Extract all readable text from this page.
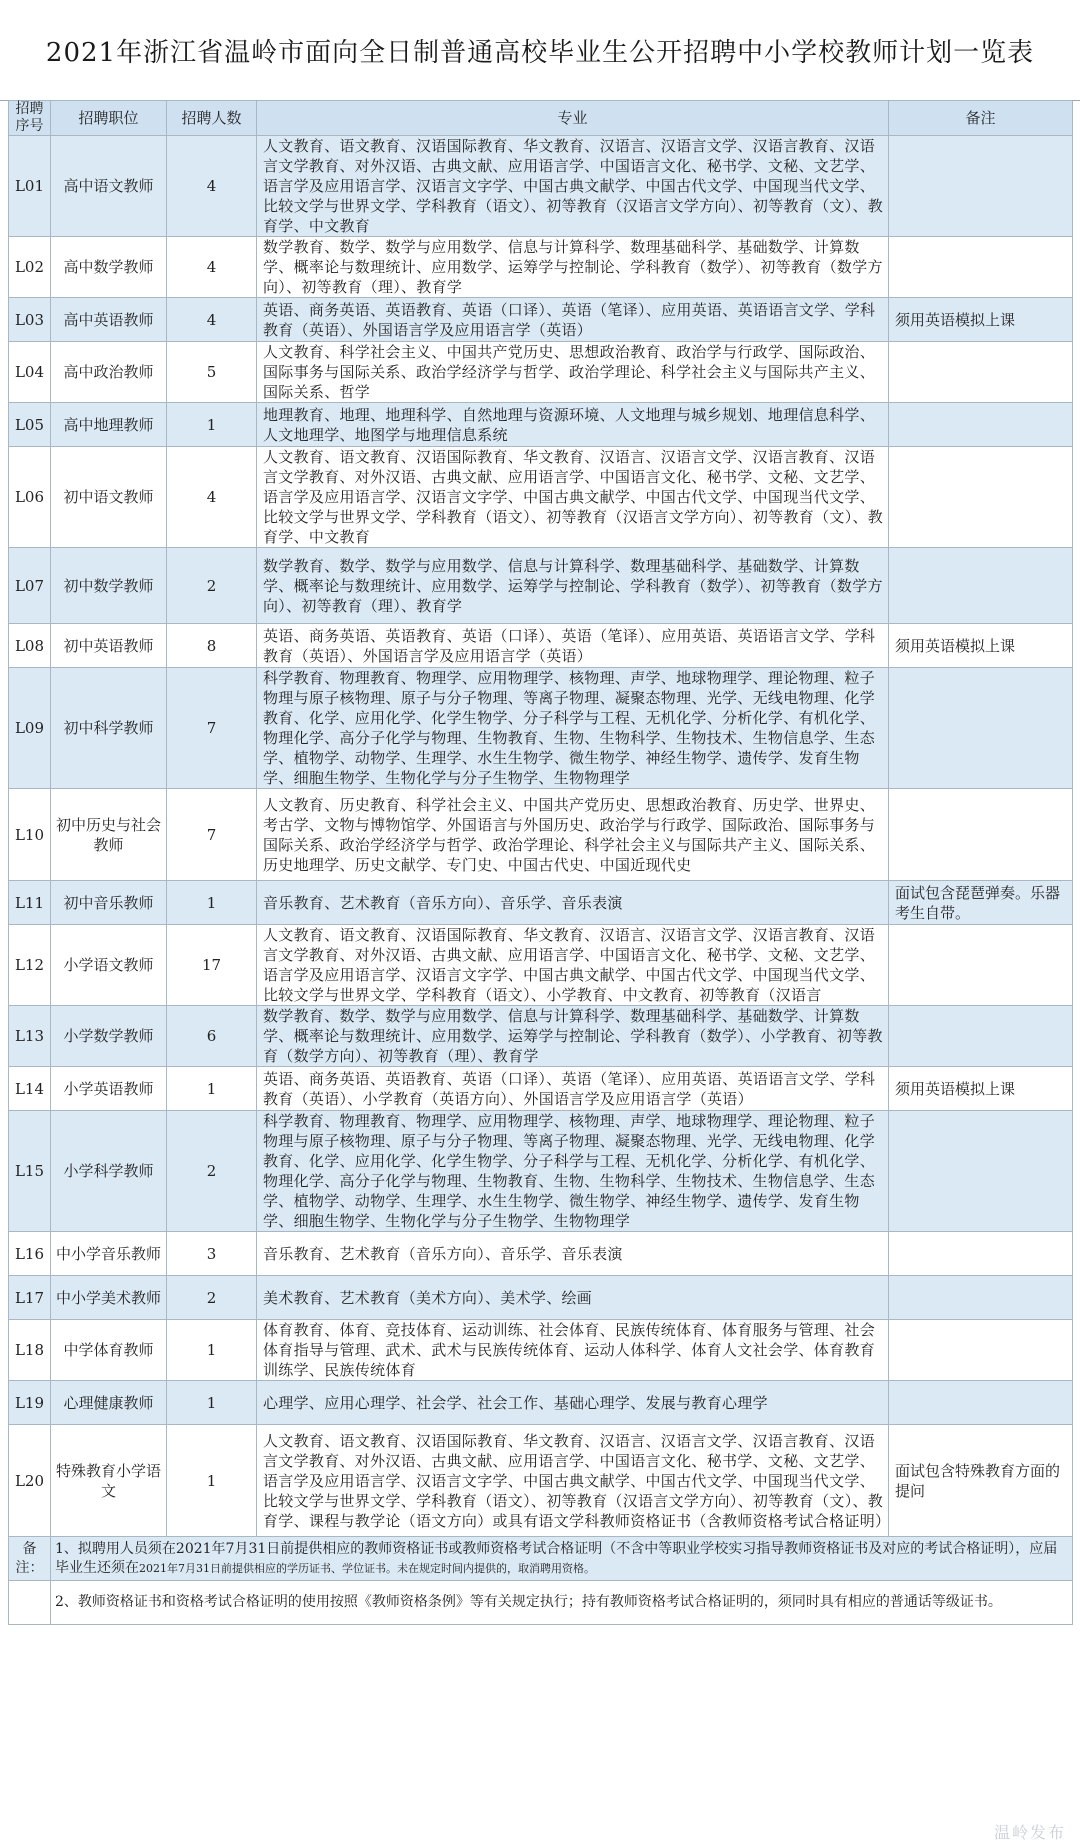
2021年浙江省温岭市面向全日制普通高校毕业生公开招聘中小学校教师计划一览表
招聘
序号	招聘职位	招聘人数	专业	备注
L01	高中语文教师	4	人文教育、语文教育、汉语国际教育、华文教育、汉语言、汉语言文学、汉语言教育、汉语言文学教育、对外汉语、古典文献、应用语言学、中国语言文化、秘书学、文秘、文艺学、语言学及应用语言学、汉语言文字学、中国古典文献学、中国古代文学、中国现当代文学、比较文学与世界文学、学科教育（语文）、初等教育（汉语言文学方向）、初等教育（文）、教育学、中文教育	
L02	高中数学教师	4	数学教育、数学、数学与应用数学、信息与计算科学、数理基础科学、基础数学、计算数学、概率论与数理统计、应用数学、运筹学与控制论、学科教育（数学）、初等教育（数学方向）、初等教育（理）、教育学	
L03	高中英语教师	4	英语、商务英语、英语教育、英语（口译）、英语（笔译）、应用英语、英语语言文学、学科教育（英语）、外国语言学及应用语言学（英语）	须用英语模拟上课
L04	高中政治教师	5	人文教育、科学社会主义、中国共产党历史、思想政治教育、政治学与行政学、国际政治、国际事务与国际关系、政治学经济学与哲学、政治学理论、科学社会主义与国际共产主义、国际关系、哲学	
L05	高中地理教师	1	地理教育、地理、地理科学、自然地理与资源环境、人文地理与城乡规划、地理信息科学、人文地理学、地图学与地理信息系统	
L06	初中语文教师	4	人文教育、语文教育、汉语国际教育、华文教育、汉语言、汉语言文学、汉语言教育、汉语言文学教育、对外汉语、古典文献、应用语言学、中国语言文化、秘书学、文秘、文艺学、语言学及应用语言学、汉语言文字学、中国古典文献学、中国古代文学、中国现当代文学、比较文学与世界文学、学科教育（语文）、初等教育（汉语言文学方向）、初等教育（文）、教育学、中文教育	
L07	初中数学教师	2	数学教育、数学、数学与应用数学、信息与计算科学、数理基础科学、基础数学、计算数学、概率论与数理统计、应用数学、运筹学与控制论、学科教育（数学）、初等教育（数学方向）、初等教育（理）、教育学	
L08	初中英语教师	8	英语、商务英语、英语教育、英语（口译）、英语（笔译）、应用英语、英语语言文学、学科教育（英语）、外国语言学及应用语言学（英语）	须用英语模拟上课
L09	初中科学教师	7	科学教育、物理教育、物理学、应用物理学、核物理、声学、地球物理学、理论物理、粒子物理与原子核物理、原子与分子物理、等离子物理、凝聚态物理、光学、无线电物理、化学教育、化学、应用化学、化学生物学、分子科学与工程、无机化学、分析化学、有机化学、物理化学、高分子化学与物理、生物教育、生物、生物科学、生物技术、生物信息学、生态学、植物学、动物学、生理学、水生生物学、微生物学、神经生物学、遗传学、发育生物学、细胞生物学、生物化学与分子生物学、生物物理学	
L10	初中历史与社会教师	7	人文教育、历史教育、科学社会主义、中国共产党历史、思想政治教育、历史学、世界史、考古学、文物与博物馆学、外国语言与外国历史、政治学与行政学、国际政治、国际事务与国际关系、政治学经济学与哲学、政治学理论、科学社会主义与国际共产主义、国际关系、历史地理学、历史文献学、专门史、中国古代史、中国近现代史	
L11	初中音乐教师	1	音乐教育、艺术教育（音乐方向）、音乐学、音乐表演	面试包含琵琶弹奏。乐器考生自带。
L12	小学语文教师	17	人文教育、语文教育、汉语国际教育、华文教育、汉语言、汉语言文学、汉语言教育、汉语言文学教育、对外汉语、古典文献、应用语言学、中国语言文化、秘书学、文秘、文艺学、语言学及应用语言学、汉语言文字学、中国古典文献学、中国古代文学、中国现当代文学、比较文学与世界文学、学科教育（语文）、小学教育、中文教育、初等教育（汉语言	
L13	小学数学教师	6	数学教育、数学、数学与应用数学、信息与计算科学、数理基础科学、基础数学、计算数学、概率论与数理统计、应用数学、运筹学与控制论、学科教育（数学）、小学教育、初等教育（数学方向）、初等教育（理）、教育学	
L14	小学英语教师	1	英语、商务英语、英语教育、英语（口译）、英语（笔译）、应用英语、英语语言文学、学科教育（英语）、小学教育（英语方向）、外国语言学及应用语言学（英语）	须用英语模拟上课
L15	小学科学教师	2	科学教育、物理教育、物理学、应用物理学、核物理、声学、地球物理学、理论物理、粒子物理与原子核物理、原子与分子物理、等离子物理、凝聚态物理、光学、无线电物理、化学教育、化学、应用化学、化学生物学、分子科学与工程、无机化学、分析化学、有机化学、物理化学、高分子化学与物理、生物教育、生物、生物科学、生物技术、生物信息学、生态学、植物学、动物学、生理学、水生生物学、微生物学、神经生物学、遗传学、发育生物学、细胞生物学、生物化学与分子生物学、生物物理学	
L16	中小学音乐教师	3	音乐教育、艺术教育（音乐方向）、音乐学、音乐表演	
L17	中小学美术教师	2	美术教育、艺术教育（美术方向）、美术学、绘画	
L18	中学体育教师	1	体育教育、体育、竞技体育、运动训练、社会体育、民族传统体育、体育服务与管理、社会体育指导与管理、武术、武术与民族传统体育、运动人体科学、体育人文社会学、体育教育训练学、民族传统体育	
L19	心理健康教师	1	心理学、应用心理学、社会学、社会工作、基础心理学、发展与教育心理学	
L20	特殊教育小学语文	1	人文教育、语文教育、汉语国际教育、华文教育、汉语言、汉语言文学、汉语言教育、汉语言文学教育、对外汉语、古典文献、应用语言学、中国语言文化、秘书学、文秘、文艺学、语言学及应用语言学、汉语言文字学、中国古典文献学、中国古代文学、中国现当代文学、比较文学与世界文学、学科教育（语文）、初等教育（汉语言文学方向）、初等教育（文）、教育学、课程与教学论（语文方向）或具有语文学科教师资格证书（含教师资格考试合格证明）	面试包含特殊教育方面的提问
备注：	1、拟聘用人员须在2021年7月31日前提供相应的教师资格证书或教师资格考试合格证明（不含中等职业学校实习指导教师资格证书及对应的考试合格证明），应届毕业生还须在2021年7月31日前提供相应的学历证书、学位证书。未在规定时间内提供的，取消聘用资格。			
	2、教师资格证书和资格考试合格证明的使用按照《教师资格条例》等有关规定执行；持有教师资格考试合格证明的，须同时具有相应的普通话等级证书。			
温岭发布
